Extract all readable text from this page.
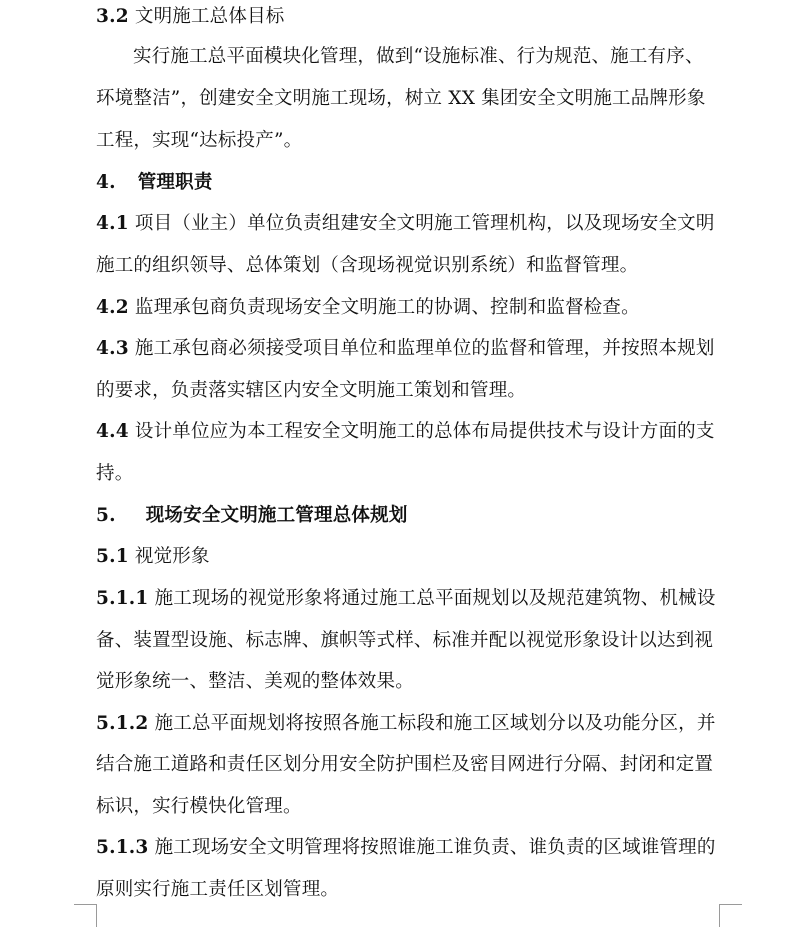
3.2 文明施工总体目标
实行施工总平面模块化管理，做到“设施标准、行为规范、施工有序、
环境整洁”，创建安全文明施工现场，树立 XX 集团安全文明施工品牌形象
工程，实现“达标投产”。
4. 管理职责
4.1 项目（业主）单位负责组建安全文明施工管理机构，以及现场安全文明
施工的组织领导、总体策划（含现场视觉识别系统）和监督管理。
4.2 监理承包商负责现场安全文明施工的协调、控制和监督检查。
4.3 施工承包商必须接受项目单位和监理单位的监督和管理，并按照本规划
的要求，负责落实辖区内安全文明施工策划和管理。
4.4 设计单位应为本工程安全文明施工的总体布局提供技术与设计方面的支
持。
5. 现场安全文明施工管理总体规划
5.1 视觉形象
5.1.1 施工现场的视觉形象将通过施工总平面规划以及规范建筑物、机械设
备、装置型设施、标志牌、旗帜等式样、标准并配以视觉形象设计以达到视
觉形象统一、整洁、美观的整体效果。
5.1.2 施工总平面规划将按照各施工标段和施工区域划分以及功能分区，并
结合施工道路和责任区划分用安全防护围栏及密目网进行分隔、封闭和定置
标识，实行模快化管理。
5.1.3 施工现场安全文明管理将按照谁施工谁负责、谁负责的区域谁管理的
原则实行施工责任区划管理。
